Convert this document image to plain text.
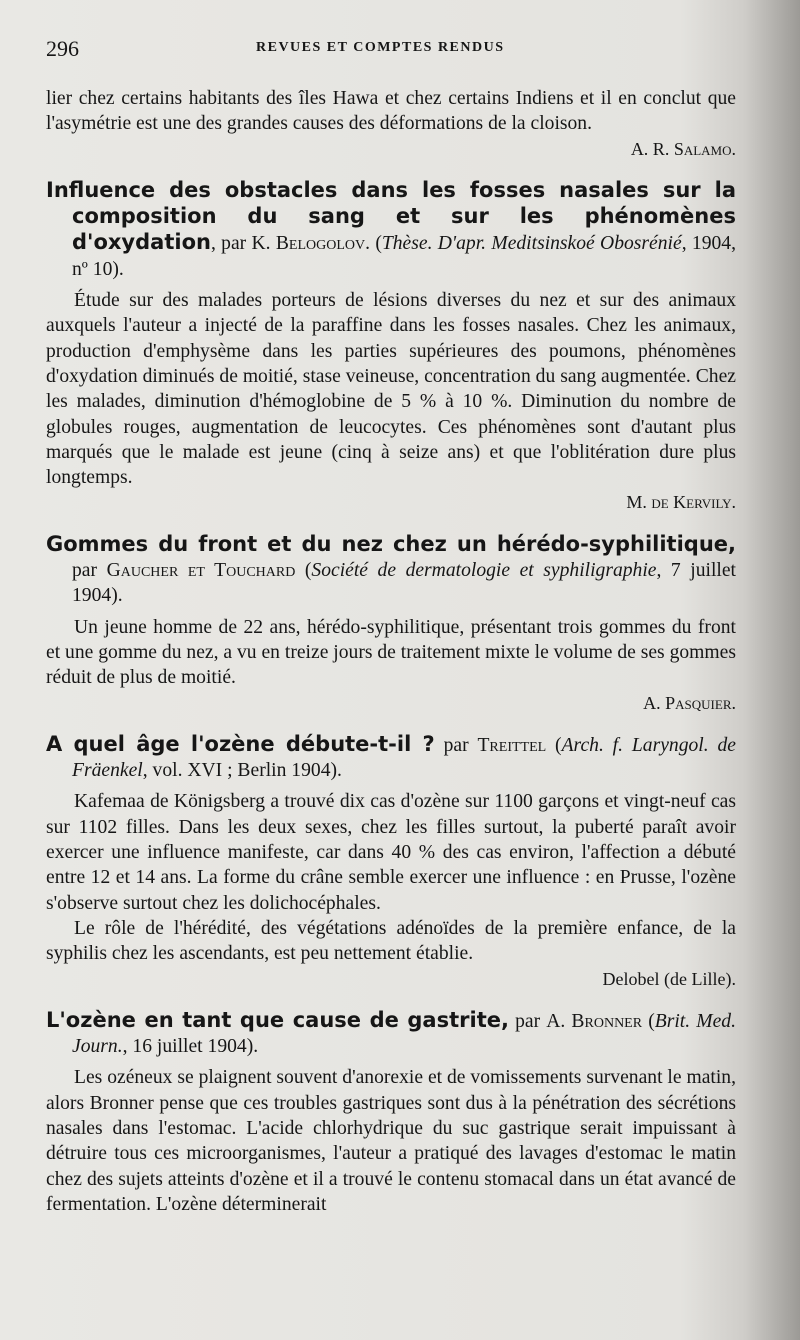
296	REVUES ET COMPTES RENDUS

lier chez certains habitants des îles Hawa et chez certains Indiens et il en conclut que l'asymétrie est une des grandes causes des déformations de la cloison.

A. R. Salamo.

Influence des obstacles dans les fosses nasales sur la composition du sang et sur les phénomènes d'oxydation, par K. Belogolov. (Thèse. D'apr. Meditsinskoé Obosrénié, 1904, nº 10).

Étude sur des malades porteurs de lésions diverses du nez et sur des animaux auxquels l'auteur a injecté de la paraffine dans les fosses nasales. Chez les animaux, production d'emphysème dans les parties supérieures des poumons, phénomènes d'oxydation diminués de moitié, stase veineuse, concentration du sang augmentée. Chez les malades, diminution d'hémoglobine de 5 % à 10 %. Diminution du nombre de globules rouges, augmentation de leucocytes. Ces phénomènes sont d'autant plus marqués que le malade est jeune (cinq à seize ans) et que l'oblitération dure plus longtemps.

M. de Kervily.

Gommes du front et du nez chez un hérédo-syphilitique, par Gaucher et Touchard (Société de dermatologie et syphiligraphie, 7 juillet 1904).

Un jeune homme de 22 ans, hérédo-syphilitique, présentant trois gommes du front et une gomme du nez, a vu en treize jours de traitement mixte le volume de ses gommes réduit de plus de moitié.

A. Pasquier.

A quel âge l'ozène débute-t-il ? par Treittel (Arch. f. Laryngol. de Fräenkel, vol. XVI ; Berlin 1904).

Kafemaa de Königsberg a trouvé dix cas d'ozène sur 1100 garçons et vingt-neuf cas sur 1102 filles. Dans les deux sexes, chez les filles surtout, la puberté paraît avoir exercer une influence manifeste, car dans 40 % des cas environ, l'affection a débuté entre 12 et 14 ans. La forme du crâne semble exercer une influence : en Prusse, l'ozène s'observe surtout chez les dolichocéphales.

Le rôle de l'hérédité, des végétations adénoïdes de la première enfance, de la syphilis chez les ascendants, est peu nettement établie.

Delobel (de Lille).

L'ozène en tant que cause de gastrite, par A. Bronner (Brit. Med. Journ., 16 juillet 1904).

Les ozéneux se plaignent souvent d'anorexie et de vomissements survenant le matin, alors Bronner pense que ces troubles gastriques sont dus à la pénétration des sécrétions nasales dans l'estomac. L'acide chlorhydrique du suc gastrique serait impuissant à détruire tous ces microorganismes, l'auteur a pratiqué des lavages d'estomac le matin chez des sujets atteints d'ozène et il a trouvé le contenu stomacal dans un état avancé de fermentation. L'ozène déterminerait
